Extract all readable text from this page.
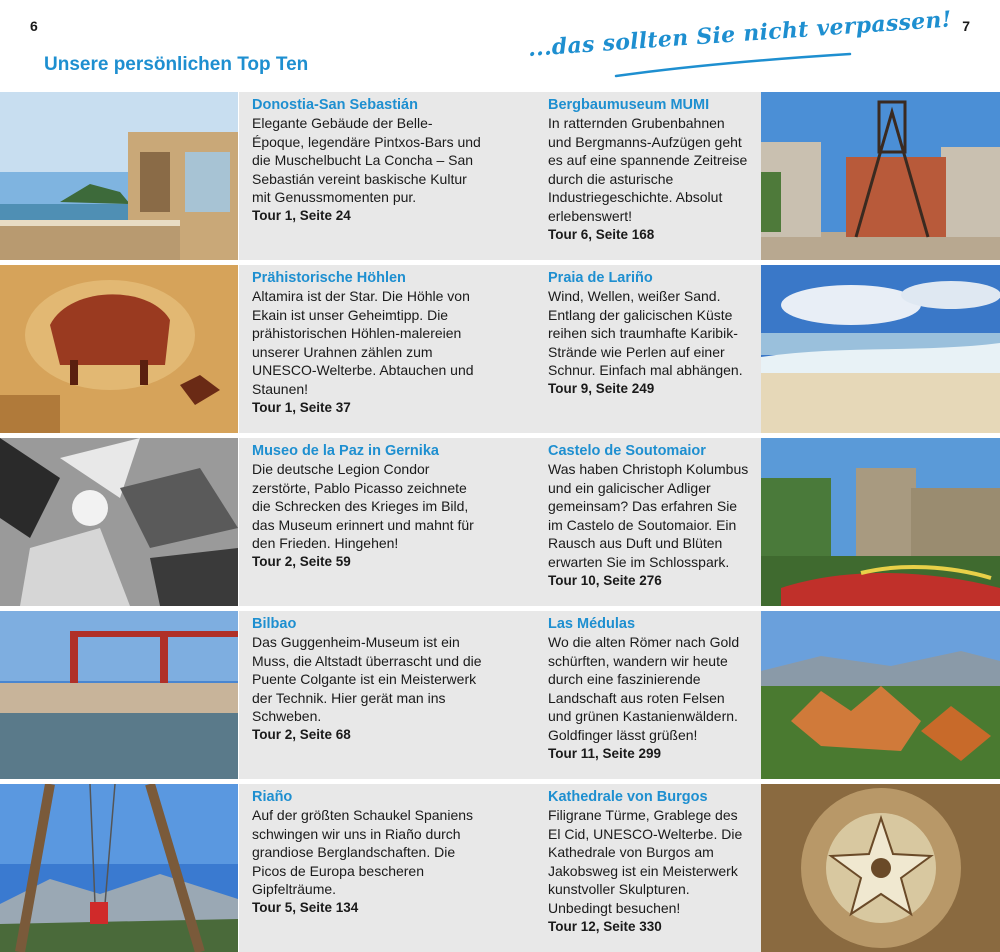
6	7
Unsere persönlichen Top Ten
...das sollten Sie nicht verpassen!
Donostia-San Sebastián
Elegante Gebäude der Belle-Époque, legendäre Pintxos-Bars und die Muschelbucht La Concha – San Sebastián vereint baskische Kultur mit Genussmomenten pur.
Tour 1, Seite 24
Bergbaumuseum MUMI
In ratternden Grubenbahnen und Bergmanns-Aufzügen geht es auf eine spannende Zeitreise durch die asturische Industriegeschichte. Absolut erlebenswert!
Tour 6, Seite 168
Prähistorische Höhlen
Altamira ist der Star. Die Höhle von Ekain ist unser Geheimtipp. Die prähistorischen Höhlen-malereien unserer Urahnen zählen zum UNESCO-Welterbe. Abtauchen und Staunen!
Tour 1, Seite 37
Praia de Lariño
Wind, Wellen, weißer Sand. Entlang der galicischen Küste reihen sich traumhafte Karibik-Strände wie Perlen auf einer Schnur. Einfach mal abhängen.
Tour 9, Seite 249
Museo de la Paz in Gernika
Die deutsche Legion Condor zerstörte, Pablo Picasso zeichnete die Schrecken des Krieges im Bild, das Museum erinnert und mahnt für den Frieden. Hingehen!
Tour 2, Seite 59
Castelo de Soutomaior
Was haben Christoph Kolumbus und ein galicischer Adliger gemeinsam? Das erfahren Sie im Castelo de Soutomaior. Ein Rausch aus Duft und Blüten erwarten Sie im Schlosspark.
Tour 10, Seite 276
Bilbao
Das Guggenheim-Museum ist ein Muss, die Altstadt überrascht und die Puente Colgante ist ein Meisterwerk der Technik. Hier gerät man ins Schweben.
Tour 2, Seite 68
Las Médulas
Wo die alten Römer nach Gold schürften, wandern wir heute durch eine faszinierende Landschaft aus roten Felsen und grünen Kastanienwäldern. Goldfinger lässt grüßen!
Tour 11, Seite 299
Riaño
Auf der größten Schaukel Spaniens schwingen wir uns in Riaño durch grandiose Berglandschaften. Die Picos de Europa bescheren Gipfelträume.
Tour 5, Seite 134
Kathedrale von Burgos
Filigrane Türme, Grablege des El Cid, UNESCO-Welterbe. Die Kathedrale von Burgos am Jakobsweg ist ein Meisterwerk kunstvoller Skulpturen. Unbedingt besuchen!
Tour 12, Seite 330
